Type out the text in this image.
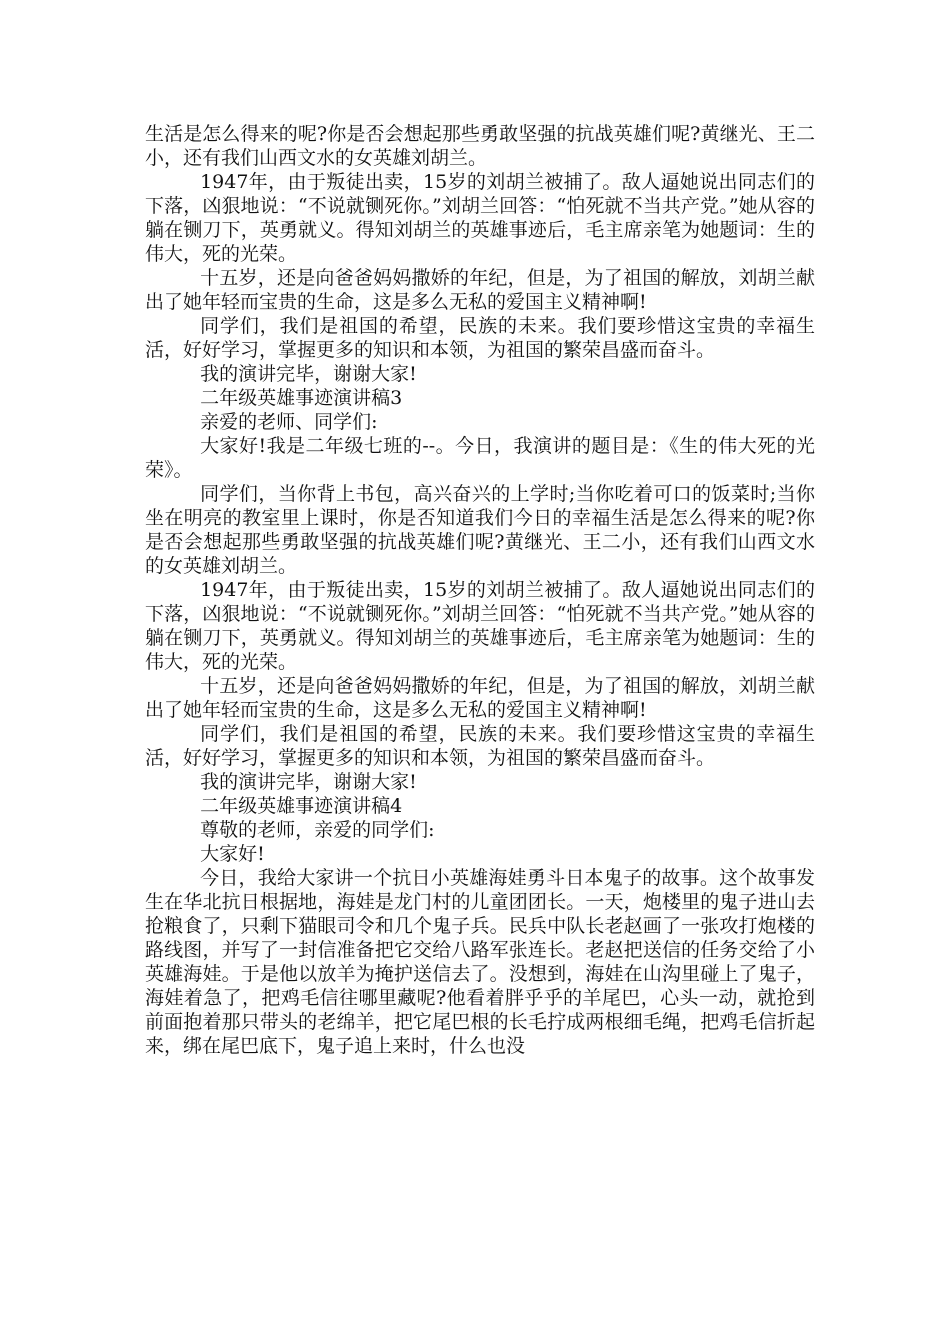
生活是怎么得来的呢?你是否会想起那些勇敢坚强的抗战英雄们呢?黄继光、王二小，还有我们山西文水的女英雄刘胡兰。

1947年，由于叛徒出卖，15岁的刘胡兰被捕了。敌人逼她说出同志们的下落，凶狠地说：“不说就铡死你。”刘胡兰回答：“怕死就不当共产党。”她从容的躺在铡刀下，英勇就义。得知刘胡兰的英雄事迹后，毛主席亲笔为她题词：生的伟大，死的光荣。

十五岁，还是向爸爸妈妈撒娇的年纪，但是，为了祖国的解放，刘胡兰献出了她年轻而宝贵的生命，这是多么无私的爱国主义精神啊!

同学们，我们是祖国的希望，民族的未来。我们要珍惜这宝贵的幸福生活，好好学习，掌握更多的知识和本领，为祖国的繁荣昌盛而奋斗。

我的演讲完毕，谢谢大家!

二年级英雄事迹演讲稿3

亲爱的老师、同学们:

大家好!我是二年级七班的--。今日，我演讲的题目是：《生的伟大死的光荣》。

同学们，当你背上书包，高兴奋兴的上学时;当你吃着可口的饭菜时;当你坐在明亮的教室里上课时，你是否知道我们今日的幸福生活是怎么得来的呢?你是否会想起那些勇敢坚强的抗战英雄们呢?黄继光、王二小，还有我们山西文水的女英雄刘胡兰。

1947年，由于叛徒出卖，15岁的刘胡兰被捕了。敌人逼她说出同志们的下落，凶狠地说：“不说就铡死你。”刘胡兰回答：“怕死就不当共产党。”她从容的躺在铡刀下，英勇就义。得知刘胡兰的英雄事迹后，毛主席亲笔为她题词：生的伟大，死的光荣。

十五岁，还是向爸爸妈妈撒娇的年纪，但是，为了祖国的解放，刘胡兰献出了她年轻而宝贵的生命，这是多么无私的爱国主义精神啊!

同学们，我们是祖国的希望，民族的未来。我们要珍惜这宝贵的幸福生活，好好学习，掌握更多的知识和本领，为祖国的繁荣昌盛而奋斗。

我的演讲完毕，谢谢大家!

二年级英雄事迹演讲稿4

尊敬的老师，亲爱的同学们:

大家好!

今日，我给大家讲一个抗日小英雄海娃勇斗日本鬼子的故事。这个故事发生在华北抗日根据地，海娃是龙门村的儿童团团长。一天，炮楼里的鬼子进山去抢粮食了，只剩下猫眼司令和几个鬼子兵。民兵中队长老赵画了一张攻打炮楼的路线图，并写了一封信准备把它交给八路军张连长。老赵把送信的任务交给了小英雄海娃。于是他以放羊为掩护送信去了。没想到，海娃在山沟里碰上了鬼子，海娃着急了，把鸡毛信往哪里藏呢?他看着胖乎乎的羊尾巴，心头一动，就抢到前面抱着那只带头的老绵羊，把它尾巴根的长毛拧成两根细毛绳，把鸡毛信折起来，绑在尾巴底下，鬼子追上来时，什么也没
